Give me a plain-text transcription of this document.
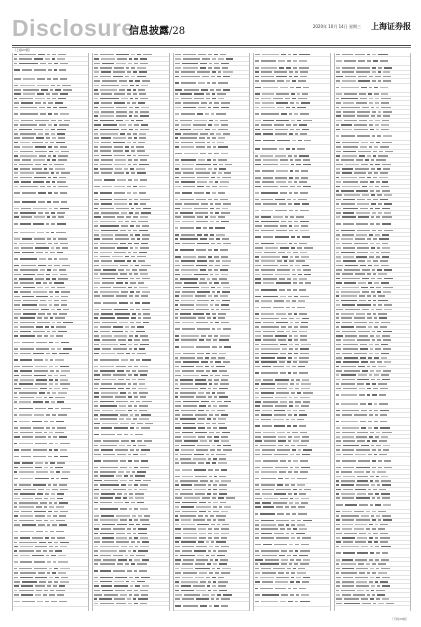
Disclosure
信息披露/28	2020年 10月 14日 星期三 上海证券报
（上接27版）
（下转29版）
